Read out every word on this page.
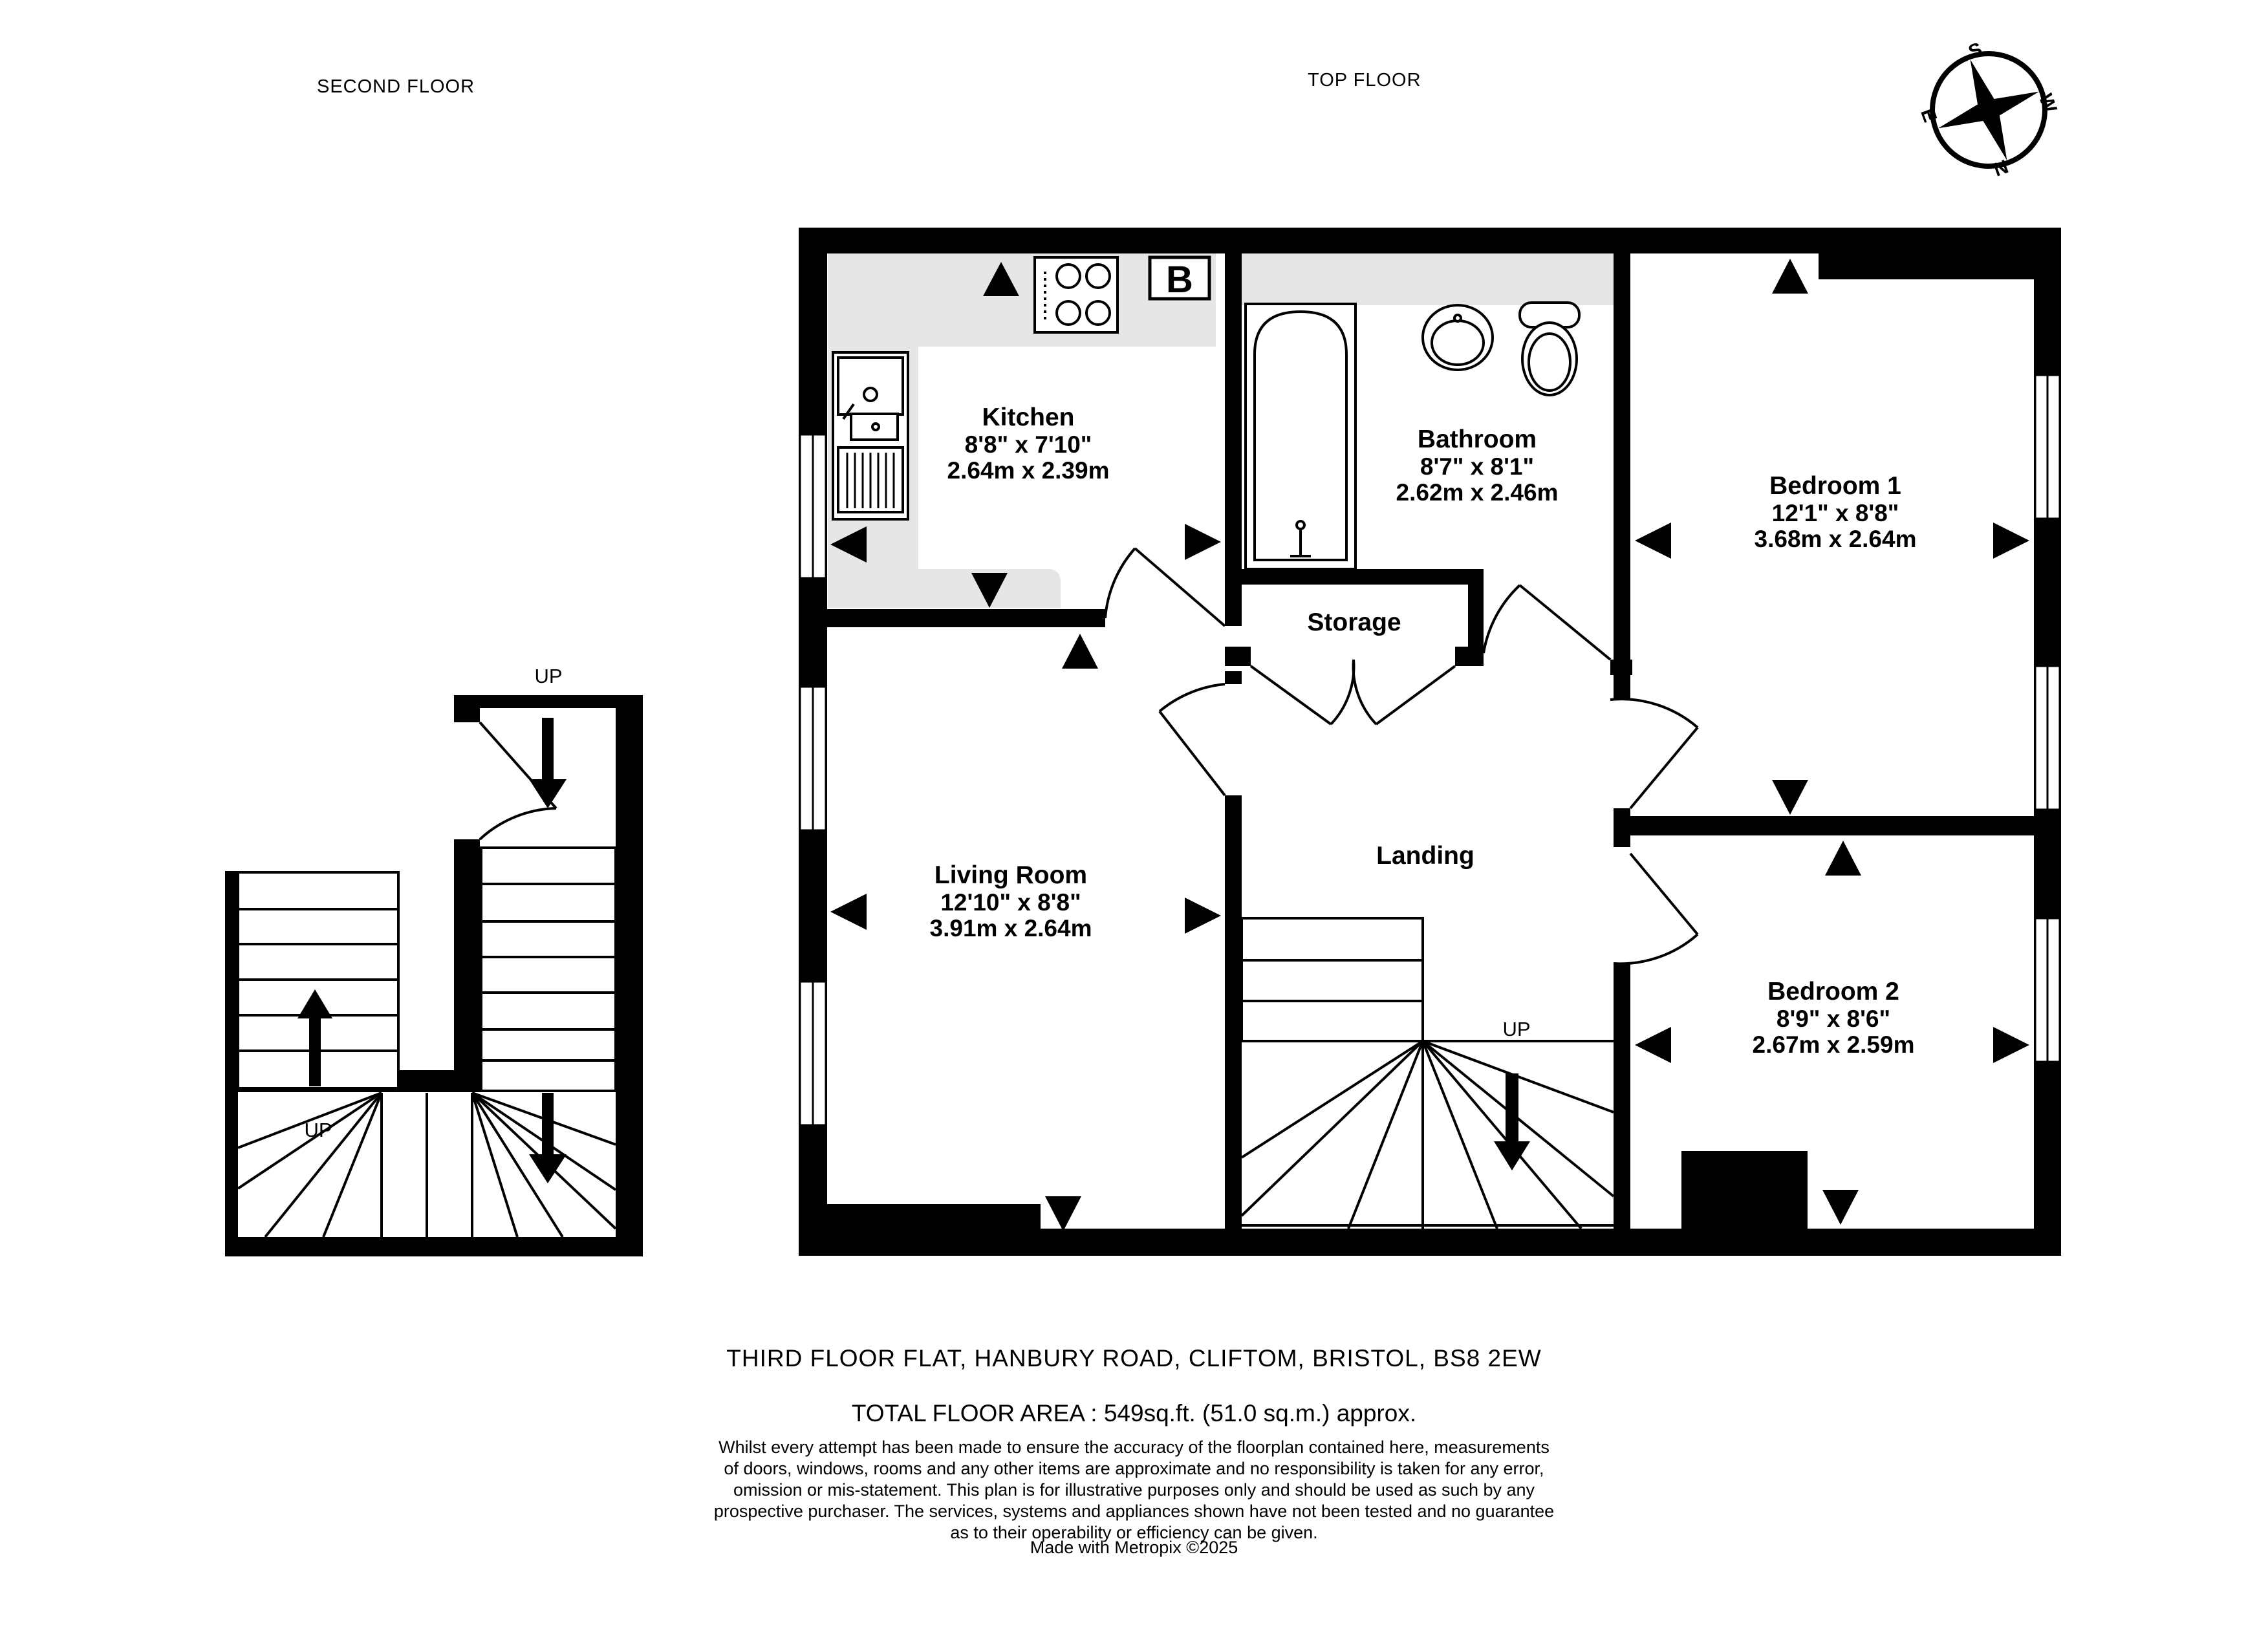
SECOND FLOOR	TOP FLOOR
S
W
N
E
UP
UP
UP
B
Kitchen
8'8" x 7'10"
2.64m x 2.39m
Bathroom
8'7" x 8'1"
2.62m x 2.46m	Bedroom 1
12'1" x 8'8"
3.68m x 2.64m
Storage
Living Room
12'10" x 8'8"
3.91m x 2.64m
Landing
Bedroom 2
8'9" x 8'6"
2.67m x 2.59m
THIRD FLOOR FLAT, HANBURY ROAD, CLIFTOM, BRISTOL, BS8 2EW
TOTAL FLOOR AREA : 549sq.ft. (51.0 sq.m.) approx.
Whilst every attempt has been made to ensure the accuracy of the floorplan contained here, measurements
of doors, windows, rooms and any other items are approximate and no responsibility is taken for any error,
omission or mis-statement. This plan is for illustrative purposes only and should be used as such by any
prospective purchaser. The services, systems and appliances shown have not been tested and no guarantee
as to their operability or efficiency can be given.
Made with Metropix ©2025
